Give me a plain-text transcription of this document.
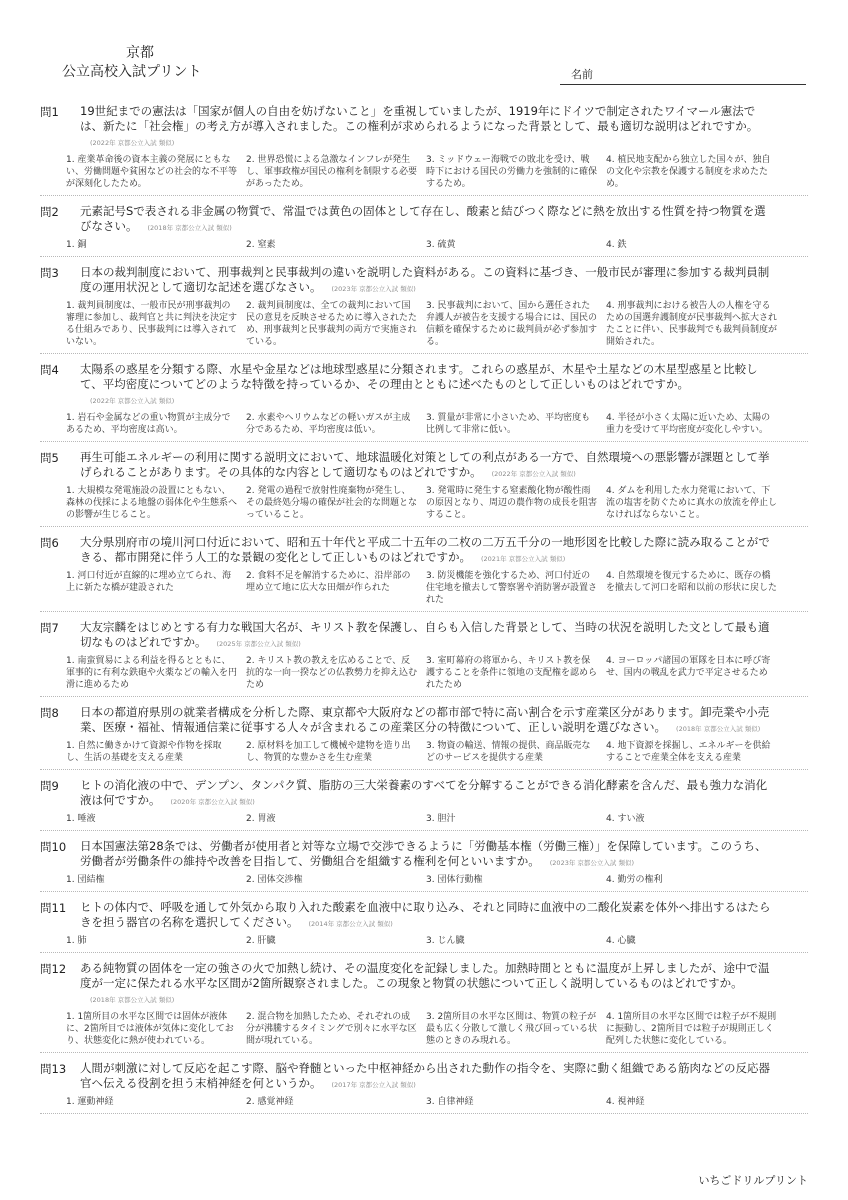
京都
公立高校入試プリント	名前
問1 19世紀までの憲法は「国家が個人の自由を妨げないこと」を重視していましたが、1919年にドイツで制定されたワイマール憲法では、新たに「社会権」の考え方が導入されました。この権利が求められるようになった背景として、最も適切な説明はどれですか。(2022年 京都公立入試 類似)
1. 産業革命後の資本主義の発展にともない、労働問題や貧困などの社会的な不平等が深刻化したため。
2. 世界恐慌による急激なインフレが発生し、軍事政権が国民の権利を制限する必要があったため。
3. ミッドウェー海戦での敗北を受け、戦時下における国民の労働力を強制的に確保するため。
4. 植民地支配から独立した国々が、独自の文化や宗教を保護する制度を求めたため。
問2 元素記号Sで表される非金属の物質で、常温では黄色の固体として存在し、酸素と結びつく際などに熱を放出する性質を持つ物質を選びなさい。 (2018年 京都公立入試 類似)
1. 銅	2. 窒素	3. 硫黄	4. 鉄
問3 日本の裁判制度において、刑事裁判と民事裁判の違いを説明した資料がある。この資料に基づき、一般市民が審理に参加する裁判員制度の運用状況として適切な記述を選びなさい。 (2023年 京都公立入試 類似)
1. 裁判員制度は、一般市民が刑事裁判の審理に参加し、裁判官と共に判決を決定する仕組みであり、民事裁判には導入されていない。
2. 裁判員制度は、全ての裁判において国民の意見を反映させるために導入されたため、刑事裁判と民事裁判の両方で実施されている。
3. 民事裁判において、国から選任された弁護人が被告を支援する場合には、国民の信頼を確保するために裁判員が必ず参加する。
4. 刑事裁判における被告人の人権を守るための国選弁護制度が民事裁判へ拡大されたことに伴い、民事裁判でも裁判員制度が開始された。
問4 太陽系の惑星を分類する際、水星や金星などは地球型惑星に分類されます。これらの惑星が、木星や土星などの木星型惑星と比較して、平均密度についてどのような特徴を持っているか、その理由とともに述べたものとして正しいものはどれですか。(2022年 京都公立入試 類似)
1. 岩石や金属などの重い物質が主成分であるため、平均密度は高い。
2. 水素やヘリウムなどの軽いガスが主成分であるため、平均密度は低い。
3. 質量が非常に小さいため、平均密度も比例して非常に低い。
4. 半径が小さく太陽に近いため、太陽の重力を受けて平均密度が変化しやすい。
問5 再生可能エネルギーの利用に関する説明文において、地球温暖化対策としての利点がある一方で、自然環境への悪影響が課題として挙げられることがあります。その具体的な内容として適切なものはどれですか。 (2022年 京都公立入試 類似)
1. 大規模な発電施設の設置にともない、森林の伐採による地盤の弱体化や生態系への影響が生じること。
2. 発電の過程で放射性廃棄物が発生し、その最終処分場の確保が社会的な問題となっていること。
3. 発電時に発生する窒素酸化物が酸性雨の原因となり、周辺の農作物の成長を阻害すること。
4. ダムを利用した水力発電において、下流の塩害を防ぐために真水の放流を停止しなければならないこと。
問6 大分県別府市の境川河口付近において、昭和五十年代と平成二十五年の二枚の二万五千分の一地形図を比較した際に読み取ることができる、都市開発に伴う人工的な景観の変化として正しいものはどれですか。 (2021年 京都公立入試 類似)
1. 河口付近が直線的に埋め立てられ、海上に新たな橋が建設された
2. 食料不足を解消するために、沿岸部の埋め立て地に広大な田畑が作られた
3. 防災機能を強化するため、河口付近の住宅地を撤去して警察署や消防署が設置された
4. 自然環境を復元するために、既存の橋を撤去して河口を昭和以前の形状に戻した
問7 大友宗麟をはじめとする有力な戦国大名が、キリスト教を保護し、自らも入信した背景として、当時の状況を説明した文として最も適切なものはどれですか。 (2025年 京都公立入試 類似)
1. 南蛮貿易による利益を得るとともに、軍事的に有利な鉄砲や火薬などの輸入を円滑に進めるため
2. キリスト教の教えを広めることで、反抗的な一向一揆などの仏教勢力を抑え込むため
3. 室町幕府の将軍から、キリスト教を保護することを条件に領地の支配権を認められたため
4. ヨーロッパ諸国の軍隊を日本に呼び寄せ、国内の戦乱を武力で平定させるため
問8 日本の都道府県別の就業者構成を分析した際、東京都や大阪府などの都市部で特に高い割合を示す産業区分があります。卸売業や小売業、医療・福祉、情報通信業に従事する人々が含まれるこの産業区分の特徴について、正しい説明を選びなさい。 (2018年 京都公立入試 類似)
1. 自然に働きかけて資源や作物を採取し、生活の基礎を支える産業
2. 原材料を加工して機械や建物を造り出し、物質的な豊かさを生む産業
3. 物資の輸送、情報の提供、商品販売などのサービスを提供する産業
4. 地下資源を採掘し、エネルギーを供給することで産業全体を支える産業
問9 ヒトの消化液の中で、デンプン、タンパク質、脂肪の三大栄養素のすべてを分解することができる消化酵素を含んだ、最も強力な消化液は何ですか。 (2020年 京都公立入試 類似)
1. 唾液	2. 胃液	3. 胆汁	4. すい液
問10 日本国憲法第28条では、労働者が使用者と対等な立場で交渉できるように「労働基本権（労働三権）」を保障しています。このうち、労働者が労働条件の維持や改善を目指して、労働組合を組織する権利を何といいますか。 (2023年 京都公立入試 類似)
1. 団結権	2. 団体交渉権	3. 団体行動権	4. 勤労の権利
問11 ヒトの体内で、呼吸を通して外気から取り入れた酸素を血液中に取り込み、それと同時に血液中の二酸化炭素を体外へ排出するはたらきを担う器官の名称を選択してください。 (2014年 京都公立入試 類似)
1. 肺	2. 肝臓	3. じん臓	4. 心臓
問12 ある純物質の固体を一定の強さの火で加熱し続け、その温度変化を記録しました。加熱時間とともに温度が上昇しましたが、途中で温度が一定に保たれる水平な区間が2箇所観察されました。この現象と物質の状態について正しく説明しているものはどれですか。(2018年 京都公立入試 類似)
1. 1箇所目の水平な区間では固体が液体に、2箇所目では液体が気体に変化しており、状態変化に熱が使われている。
2. 混合物を加熱したため、それぞれの成分が沸騰するタイミングで別々に水平な区間が現れている。
3. 2箇所目の水平な区間は、物質の粒子が最も広く分散して激しく飛び回っている状態のときのみ現れる。
4. 1箇所目の水平な区間では粒子が不規則に振動し、2箇所目では粒子が規則正しく配列した状態に変化している。
問13 人間が刺激に対して反応を起こす際、脳や脊髄といった中枢神経から出された動作の指令を、実際に動く組織である筋肉などの反応器官へ伝える役割を担う末梢神経を何というか。 (2017年 京都公立入試 類似)
1. 運動神経	2. 感覚神経	3. 自律神経	4. 視神経
いちごドリルプリント
